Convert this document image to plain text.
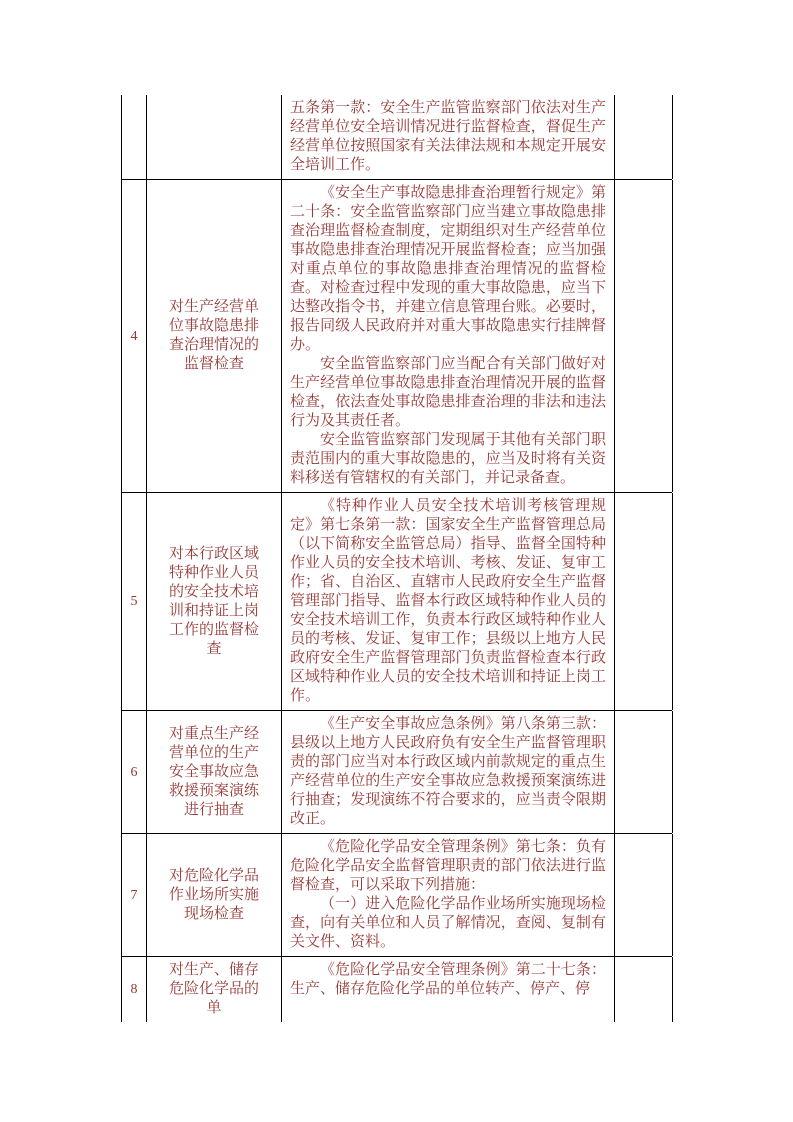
五条第一款：安全生产监管监察部门依法对生产经营单位安全培训情况进行监督检查，督促生产经营单位按照国家有关法律法规和本规定开展安全培训工作。

4
对生产经营单位事故隐患排查治理情况的监督检查

《安全生产事故隐患排查治理暂行规定》第二十条：安全监管监察部门应当建立事故隐患排查治理监督检查制度，定期组织对生产经营单位事故隐患排查治理情况开展监督检查；应当加强对重点单位的事故隐患排查治理情况的监督检查。对检查过程中发现的重大事故隐患，应当下达整改指令书，并建立信息管理台账。必要时，报告同级人民政府并对重大事故隐患实行挂牌督办。

安全监管监察部门应当配合有关部门做好对生产经营单位事故隐患排查治理情况开展的监督检查，依法查处事故隐患排查治理的非法和违法行为及其责任者。

安全监管监察部门发现属于其他有关部门职责范围内的重大事故隐患的，应当及时将有关资料移送有管辖权的有关部门，并记录备查。

5
对本行政区域特种作业人员的安全技术培训和持证上岗工作的监督检查

《特种作业人员安全技术培训考核管理规定》第七条第一款：国家安全生产监督管理总局（以下简称安全监管总局）指导、监督全国特种作业人员的安全技术培训、考核、发证、复审工作；省、自治区、直辖市人民政府安全生产监督管理部门指导、监督本行政区域特种作业人员的安全技术培训工作，负责本行政区域特种作业人员的考核、发证、复审工作；县级以上地方人民政府安全生产监督管理部门负责监督检查本行政区域特种作业人员的安全技术培训和持证上岗工作。

6
对重点生产经营单位的生产安全事故应急救援预案演练进行抽查

《生产安全事故应急条例》第八条第三款：县级以上地方人民政府负有安全生产监督管理职责的部门应当对本行政区域内前款规定的重点生产经营单位的生产安全事故应急救援预案演练进行抽查；发现演练不符合要求的，应当责令限期改正。

7
对危险化学品作业场所实施现场检查

《危险化学品安全管理条例》第七条：负有危险化学品安全监督管理职责的部门依法进行监督检查，可以采取下列措施：

（一）进入危险化学品作业场所实施现场检查，向有关单位和人员了解情况，查阅、复制有关文件、资料。

8
对生产、储存危险化学品的单

《危险化学品安全管理条例》第二十七条：生产、储存危险化学品的单位转产、停产、停
